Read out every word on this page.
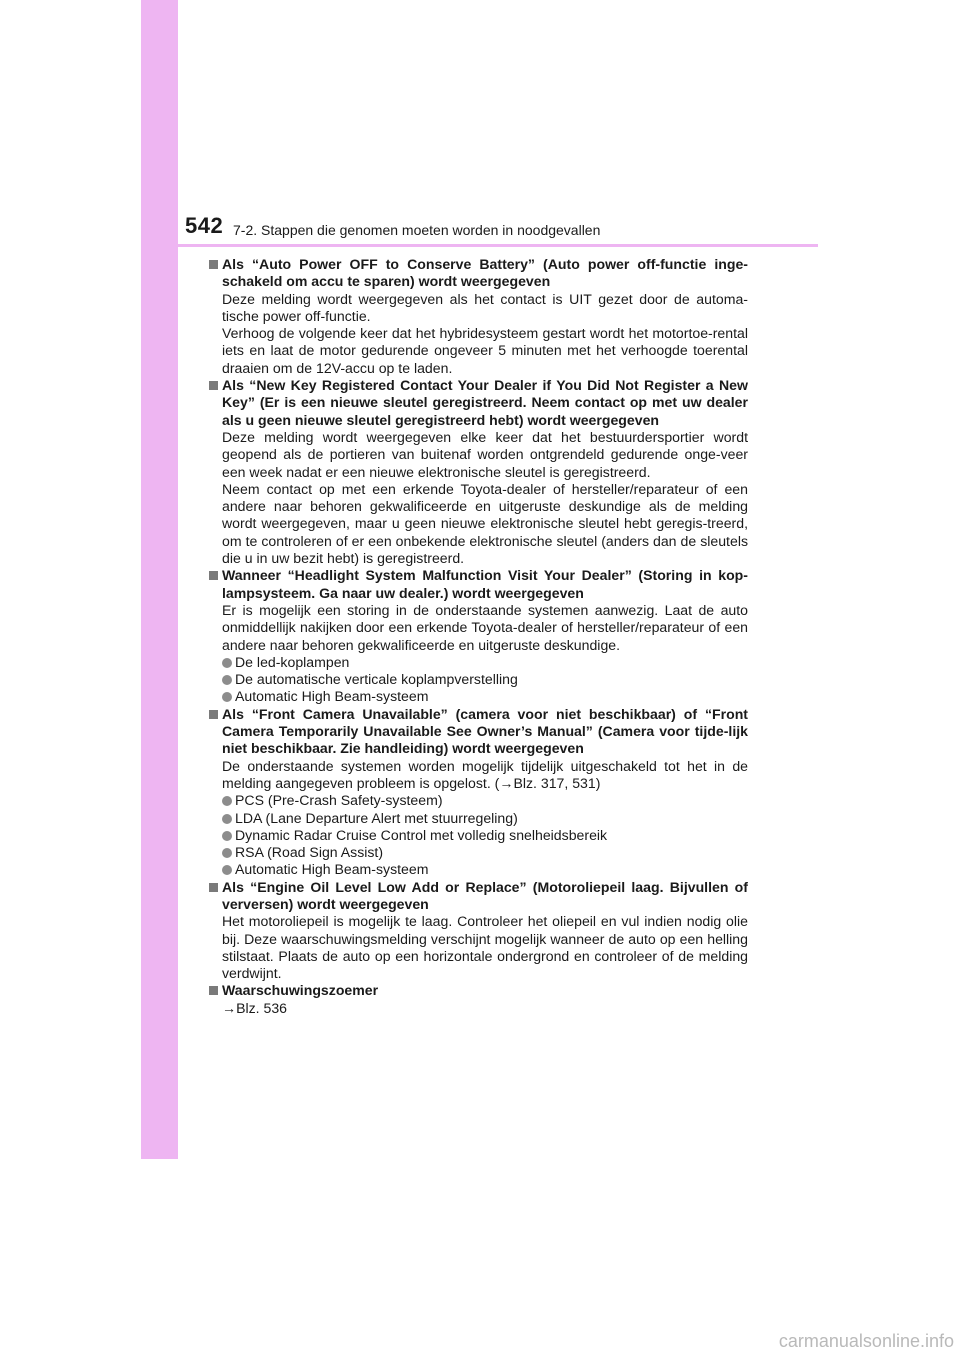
542 7-2. Stappen die genomen moeten worden in noodgevallen
Als “Auto Power OFF to Conserve Battery” (Auto power off-functie inge-schakeld om accu te sparen) wordt weergegeven
Deze melding wordt weergegeven als het contact is UIT gezet door de automa-tische power off-functie.
Verhoog de volgende keer dat het hybridesysteem gestart wordt het motortoe-rental iets en laat de motor gedurende ongeveer 5 minuten met het verhoogde toerental draaien om de 12V-accu op te laden.
Als “New Key Registered Contact Your Dealer if You Did Not Register a New Key” (Er is een nieuwe sleutel geregistreerd. Neem contact op met uw dealer als u geen nieuwe sleutel geregistreerd hebt) wordt weergegeven
Deze melding wordt weergegeven elke keer dat het bestuurdersportier wordt geopend als de portieren van buitenaf worden ontgrendeld gedurende onge-veer een week nadat er een nieuwe elektronische sleutel is geregistreerd.
Neem contact op met een erkende Toyota-dealer of hersteller/reparateur of een andere naar behoren gekwalificeerde en uitgeruste deskundige als de melding wordt weergegeven, maar u geen nieuwe elektronische sleutel hebt geregis-treerd, om te controleren of er een onbekende elektronische sleutel (anders dan de sleutels die u in uw bezit hebt) is geregistreerd.
Wanneer “Headlight System Malfunction Visit Your Dealer” (Storing in kop-lampsysteem. Ga naar uw dealer.) wordt weergegeven
Er is mogelijk een storing in de onderstaande systemen aanwezig. Laat de auto onmiddellijk nakijken door een erkende Toyota-dealer of hersteller/reparateur of een andere naar behoren gekwalificeerde en uitgeruste deskundige.
De led-koplampen
De automatische verticale koplampverstelling
Automatic High Beam-systeem
Als “Front Camera Unavailable” (camera voor niet beschikbaar) of “Front Camera Temporarily Unavailable See Owner’s Manual” (Camera voor tijde-lijk niet beschikbaar. Zie handleiding) wordt weergegeven
De onderstaande systemen worden mogelijk tijdelijk uitgeschakeld tot het in de melding aangegeven probleem is opgelost. (→Blz. 317, 531)
PCS (Pre-Crash Safety-systeem)
LDA (Lane Departure Alert met stuurregeling)
Dynamic Radar Cruise Control met volledig snelheidsbereik
RSA (Road Sign Assist)
Automatic High Beam-systeem
Als “Engine Oil Level Low Add or Replace” (Motoroliepeil laag. Bijvullen of verversen) wordt weergegeven
Het motoroliepeil is mogelijk te laag. Controleer het oliepeil en vul indien nodig olie bij. Deze waarschuwingsmelding verschijnt mogelijk wanneer de auto op een helling stilstaat. Plaats de auto op een horizontale ondergrond en controleer of de melding verdwijnt.
Waarschuwingszoemer
→Blz. 536
carmanualsonline.info
